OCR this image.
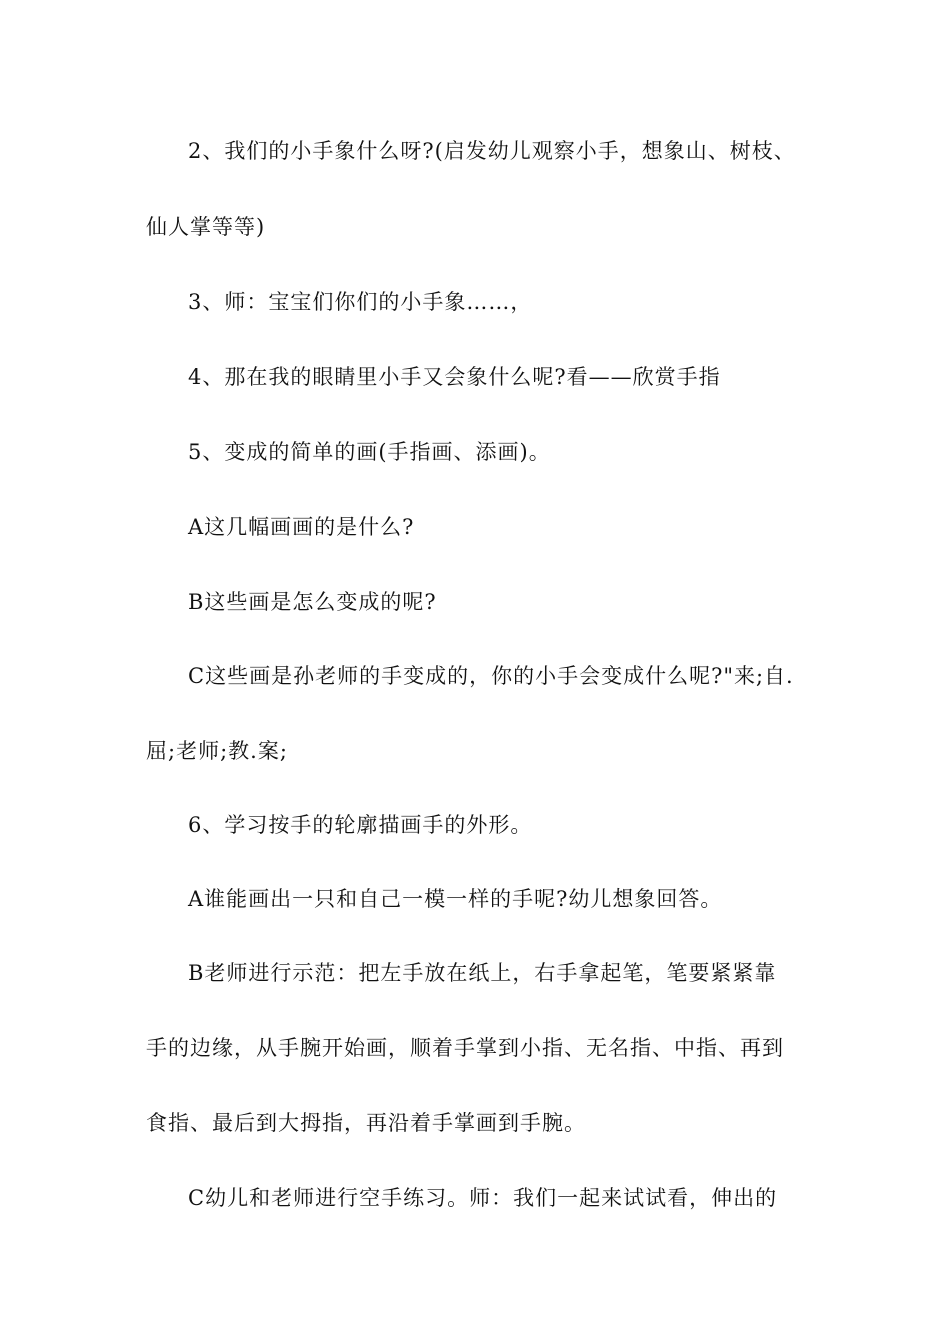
2、我们的小手象什么呀?(启发幼儿观察小手，想象山、树枝、
仙人掌等等)
3、师：宝宝们你们的小手象……，
4、那在我的眼睛里小手又会象什么呢?看——欣赏手指
5、变成的简单的画(手指画、添画)。
A这几幅画画的是什么?
B这些画是怎么变成的呢?
C这些画是孙老师的手变成的，你的小手会变成什么呢?"来;自.
屈;老师;教.案;
6、学习按手的轮廓描画手的外形。
A谁能画出一只和自己一模一样的手呢?幼儿想象回答。
B老师进行示范：把左手放在纸上，右手拿起笔，笔要紧紧靠
手的边缘，从手腕开始画，顺着手掌到小指、无名指、中指、再到
食指、最后到大拇指，再沿着手掌画到手腕。
C幼儿和老师进行空手练习。师：我们一起来试试看，伸出的
